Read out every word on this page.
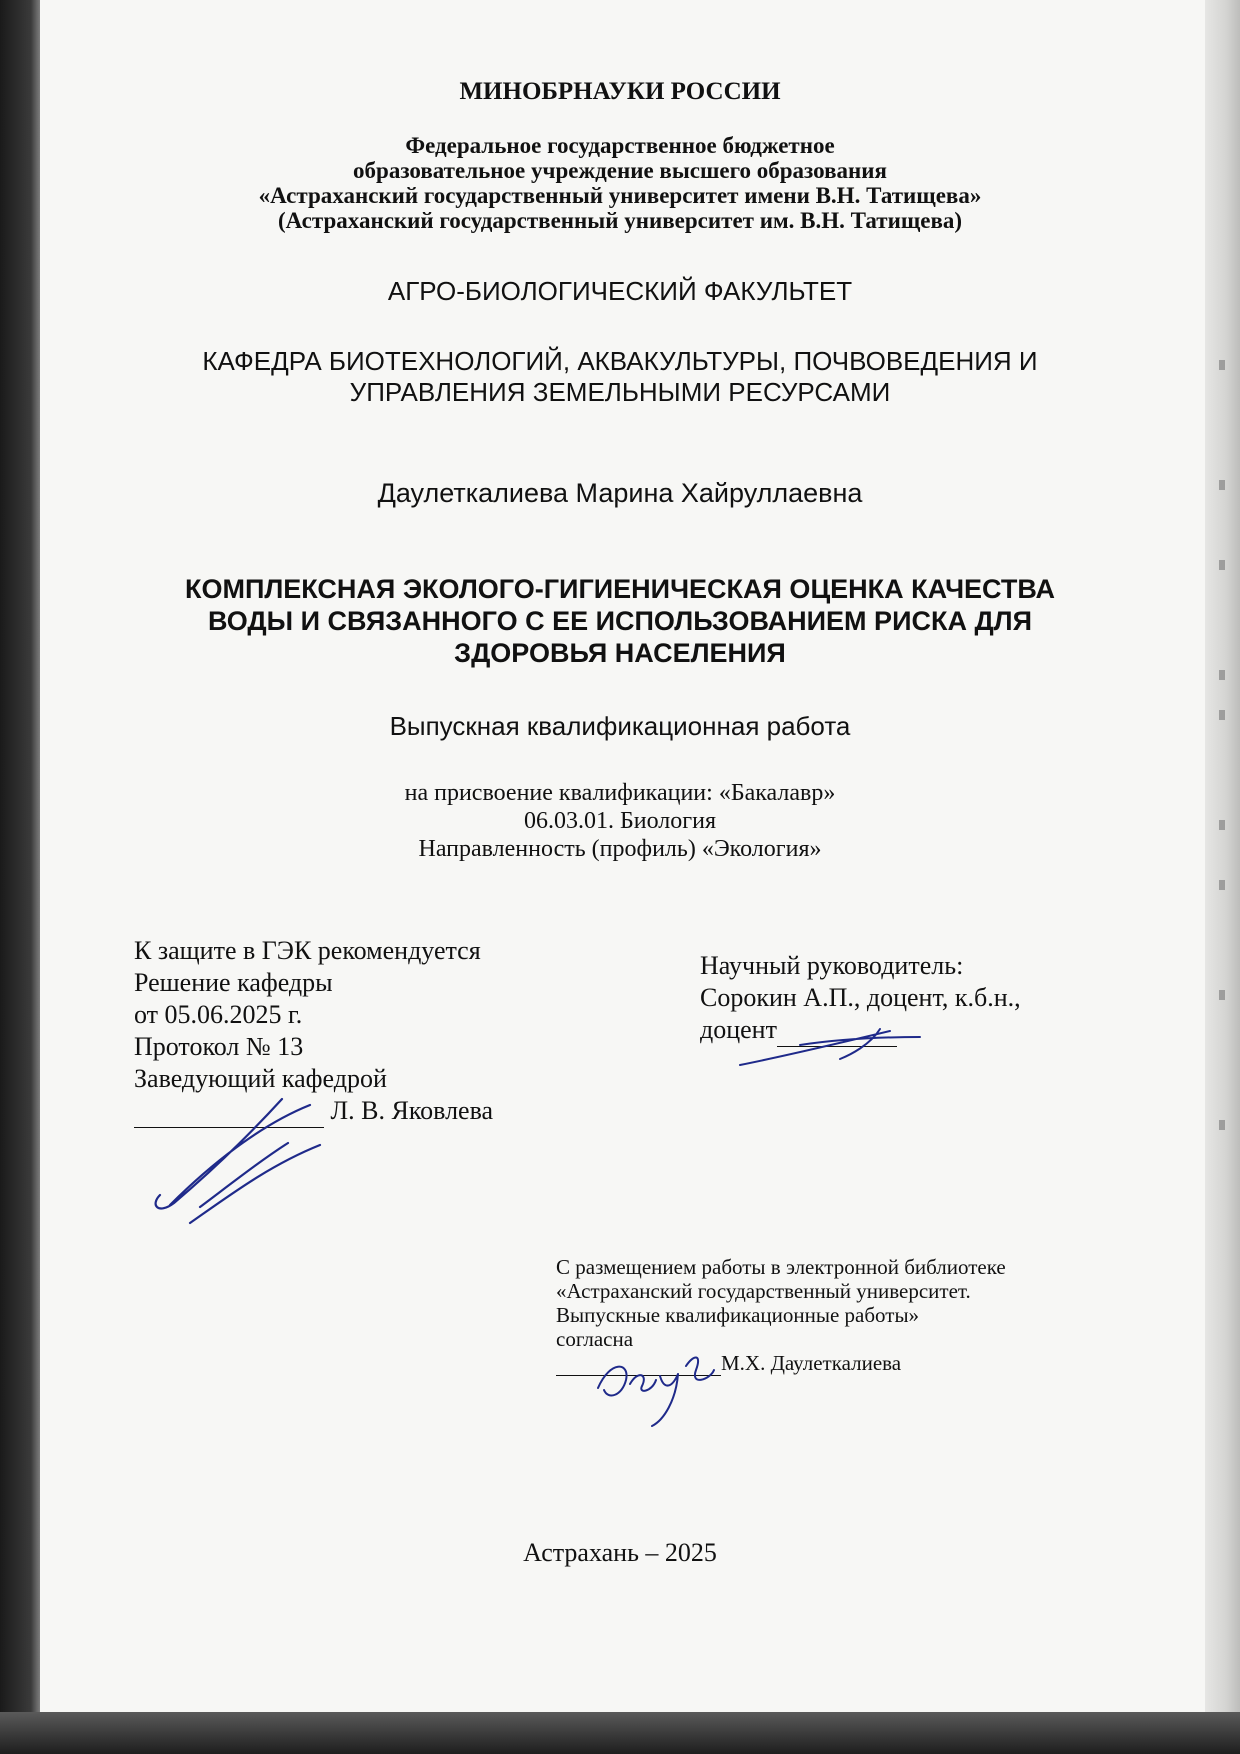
МИНОБРНАУКИ РОССИИ
Федеральное государственное бюджетное
образовательное учреждение высшего образования
«Астраханский государственный университет имени В.Н. Татищева»
(Астраханский государственный университет им. В.Н. Татищева)
АГРО-БИОЛОГИЧЕСКИЙ ФАКУЛЬТЕТ
КАФЕДРА БИОТЕХНОЛОГИЙ, АКВАКУЛЬТУРЫ, ПОЧВОВЕДЕНИЯ И
УПРАВЛЕНИЯ ЗЕМЕЛЬНЫМИ РЕСУРСАМИ
Даулеткалиева Марина Хайруллаевна
КОМПЛЕКСНАЯ ЭКОЛОГО-ГИГИЕНИЧЕСКАЯ ОЦЕНКА КАЧЕСТВА
ВОДЫ И СВЯЗАННОГО С ЕЕ ИСПОЛЬЗОВАНИЕМ РИСКА ДЛЯ
ЗДОРОВЬЯ НАСЕЛЕНИЯ
Выпускная квалификационная работа
на присвоение квалификации: «Бакалавр»
06.03.01. Биология
Направленность (профиль) «Экология»
К защите в ГЭК рекомендуется
Решение кафедры
от 05.06.2025 г.
Протокол № 13
Заведующий кафедрой
Л. В. Яковлева
Научный руководитель:
Сорокин А.П., доцент, к.б.н.,
доцент
С размещением работы в электронной библиотеке
«Астраханский государственный университет.
Выпускные квалификационные работы»
согласна
М.Х. Даулеткалиева
Астрахань – 2025
